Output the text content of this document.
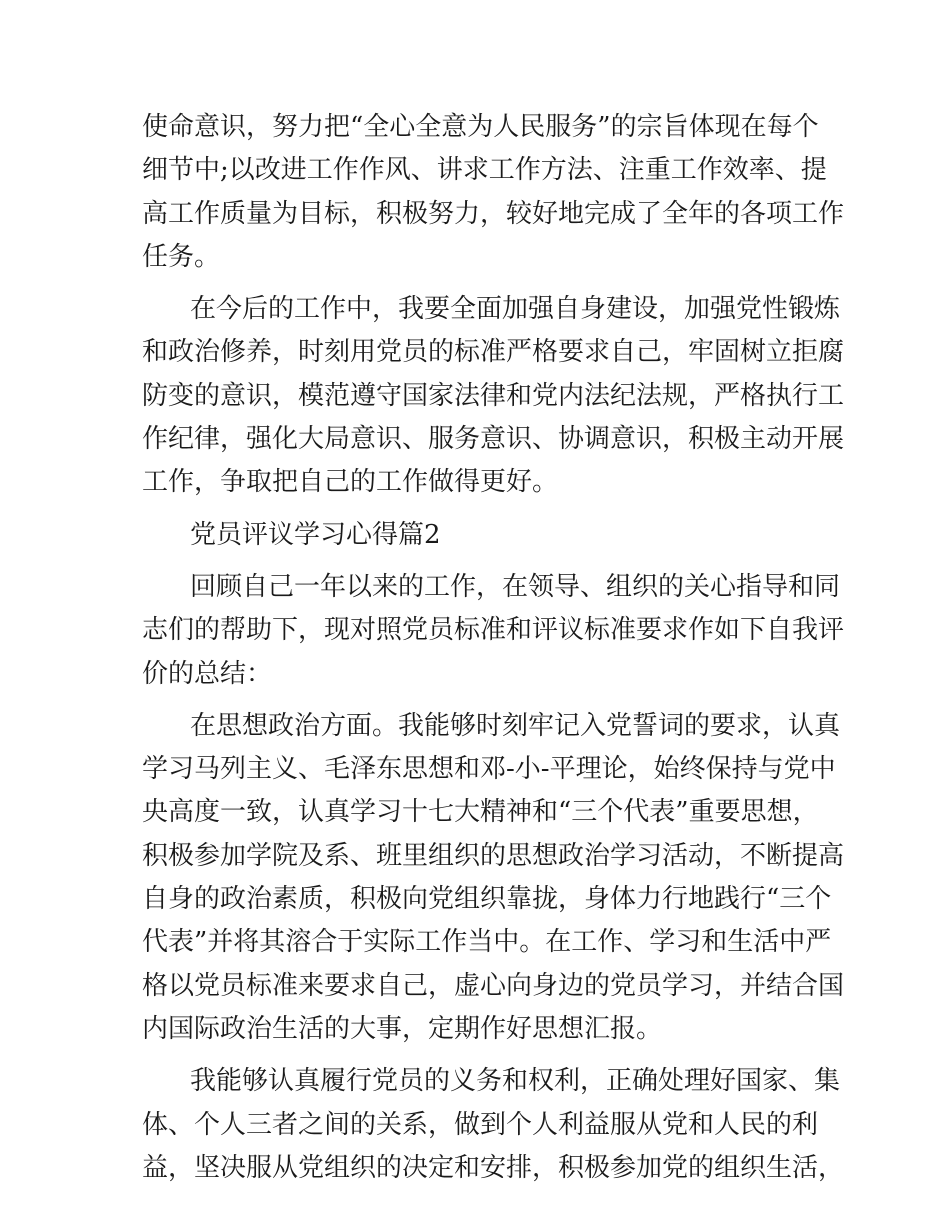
使命意识，努力把“全心全意为人民服务”的宗旨体现在每个
细节中;以改进工作作风、讲求工作方法、注重工作效率、提
高工作质量为目标，积极努力，较好地完成了全年的各项工作
任务。
在今后的工作中，我要全面加强自身建设，加强党性锻炼
和政治修养，时刻用党员的标准严格要求自己，牢固树立拒腐
防变的意识，模范遵守国家法律和党内法纪法规，严格执行工
作纪律，强化大局意识、服务意识、协调意识，积极主动开展
工作，争取把自己的工作做得更好。
党员评议学习心得篇2
回顾自己一年以来的工作，在领导、组织的关心指导和同
志们的帮助下，现对照党员标准和评议标准要求作如下自我评
价的总结：
在思想政治方面。我能够时刻牢记入党誓词的要求，认真
学习马列主义、毛泽东思想和邓-小-平理论，始终保持与党中
央高度一致，认真学习十七大精神和“三个代表”重要思想，
积极参加学院及系、班里组织的思想政治学习活动，不断提高
自身的政治素质，积极向党组织靠拢，身体力行地践行“三个
代表”并将其溶合于实际工作当中。在工作、学习和生活中严
格以党员标准来要求自己，虚心向身边的党员学习，并结合国
内国际政治生活的大事，定期作好思想汇报。
我能够认真履行党员的义务和权利，正确处理好国家、集
体、个人三者之间的关系，做到个人利益服从党和人民的利
益，坚决服从党组织的决定和安排，积极参加党的组织生活，
